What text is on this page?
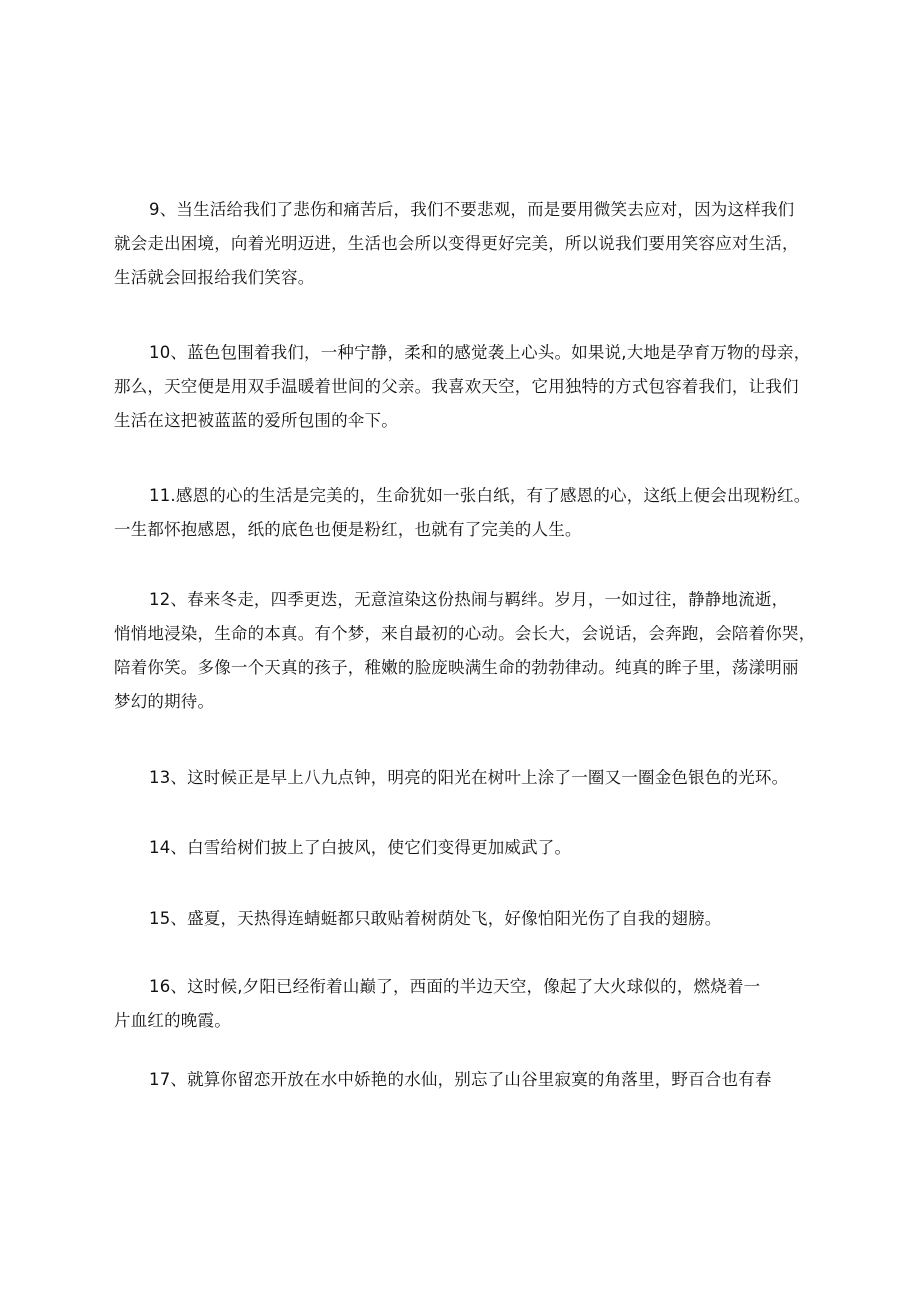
9、当生活给我们了悲伤和痛苦后，我们不要悲观，而是要用微笑去应对，因为这样我们
就会走出困境，向着光明迈进，生活也会所以变得更好完美，所以说我们要用笑容应对生活，
生活就会回报给我们笑容。

10、蓝色包围着我们，一种宁静，柔和的感觉袭上心头。如果说,大地是孕育万物的母亲，
那么，天空便是用双手温暖着世间的父亲。我喜欢天空，它用独特的方式包容着我们，让我们
生活在这把被蓝蓝的爱所包围的伞下。

11.感恩的心的生活是完美的，生命犹如一张白纸，有了感恩的心，这纸上便会出现粉红。
一生都怀抱感恩，纸的底色也便是粉红，也就有了完美的人生。

12、春来冬走，四季更迭，无意渲染这份热闹与羁绊。岁月，一如过往，静静地流逝，
悄悄地浸染，生命的本真。有个梦，来自最初的心动。会长大，会说话，会奔跑，会陪着你哭，
陪着你笑。多像一个天真的孩子，稚嫩的脸庞映满生命的勃勃律动。纯真的眸子里，荡漾明丽
梦幻的期待。

13、这时候正是早上八九点钟，明亮的阳光在树叶上涂了一圈又一圈金色银色的光环。

14、白雪给树们披上了白披风，使它们变得更加威武了。

15、盛夏，天热得连蜻蜓都只敢贴着树荫处飞，好像怕阳光伤了自我的翅膀。

16、这时候,夕阳已经衔着山巅了，西面的半边天空，像起了大火球似的，燃烧着一
片血红的晚霞。

17、就算你留恋开放在水中娇艳的水仙，别忘了山谷里寂寞的角落里，野百合也有春
